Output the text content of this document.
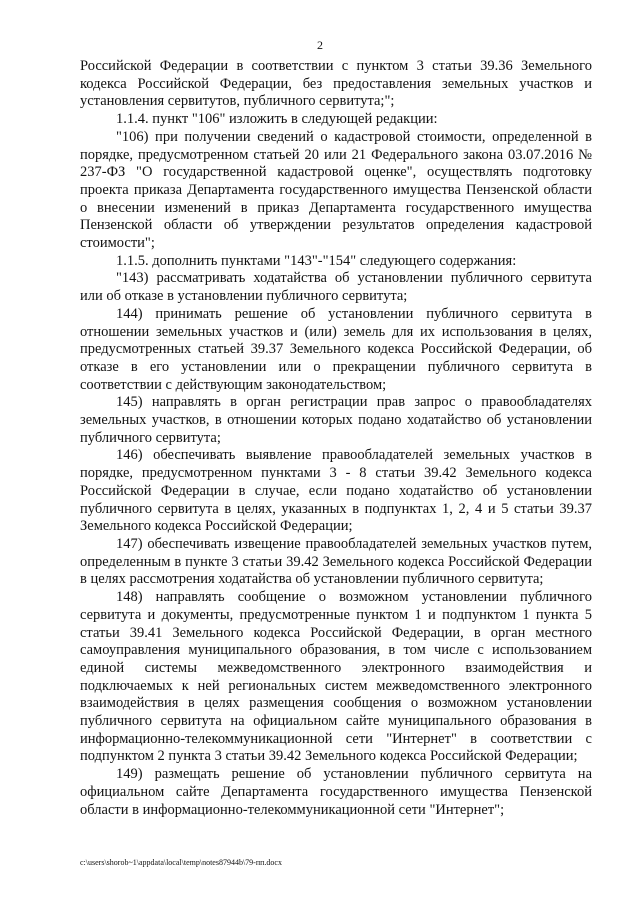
2

Российской Федерации в соответствии с пунктом 3 статьи 39.36 Земельного кодекса Российской Федерации, без предоставления земельных участков и установления сервитутов, публичного сервитута;";

1.1.4. пункт "106" изложить в следующей редакции:

"106) при получении сведений о кадастровой стоимости, определенной в порядке, предусмотренном статьей 20 или 21 Федерального закона 03.07.2016 № 237-ФЗ "О государственной кадастровой оценке", осуществлять подготовку проекта приказа Департамента государственного имущества Пензенской области о внесении изменений в приказ Департамента государственного имущества Пензенской области об утверждении результатов определения кадастровой стоимости";

1.1.5. дополнить пунктами "143"-"154" следующего содержания:

"143) рассматривать ходатайства об установлении публичного сервитута или об отказе в установлении публичного сервитута;

144) принимать решение об установлении публичного сервитута в отношении земельных участков и (или) земель для их использования в целях, предусмотренных статьей 39.37 Земельного кодекса Российской Федерации, об отказе в его установлении или о прекращении публичного сервитута в соответствии с действующим законодательством;

145) направлять в орган регистрации прав запрос о правообладателях земельных участков, в отношении которых подано ходатайство об установлении публичного сервитута;

146) обеспечивать выявление правообладателей земельных участков в порядке, предусмотренном пунктами 3 - 8 статьи 39.42 Земельного кодекса Российской Федерации в случае, если подано ходатайство об установлении публичного сервитута в целях, указанных в подпунктах 1, 2, 4 и 5 статьи 39.37 Земельного кодекса Российской Федерации;

147) обеспечивать извещение правообладателей земельных участков путем, определенным в пункте 3 статьи 39.42 Земельного кодекса Российской Федерации в целях рассмотрения ходатайства об установлении публичного сервитута;

148) направлять сообщение о возможном установлении публичного сервитута и документы, предусмотренные пунктом 1 и подпунктом 1 пункта 5 статьи 39.41 Земельного кодекса Российской Федерации, в орган местного самоуправления муниципального образования, в том числе с использованием единой системы межведомственного электронного взаимодействия и подключаемых к ней региональных систем межведомственного электронного взаимодействия в целях размещения сообщения о возможном установлении публичного сервитута на официальном сайте муниципального образования в информационно-телекоммуникационной сети "Интернет" в соответствии с подпунктом 2 пункта 3 статьи 39.42 Земельного кодекса Российской Федерации;

149) размещать решение об установлении публичного сервитута на официальном сайте Департамента государственного имущества Пензенской области в информационно-телекоммуникационной сети "Интернет";

c:\users\shorob~1\appdata\local\temp\notes87944b\79-пп.docx
